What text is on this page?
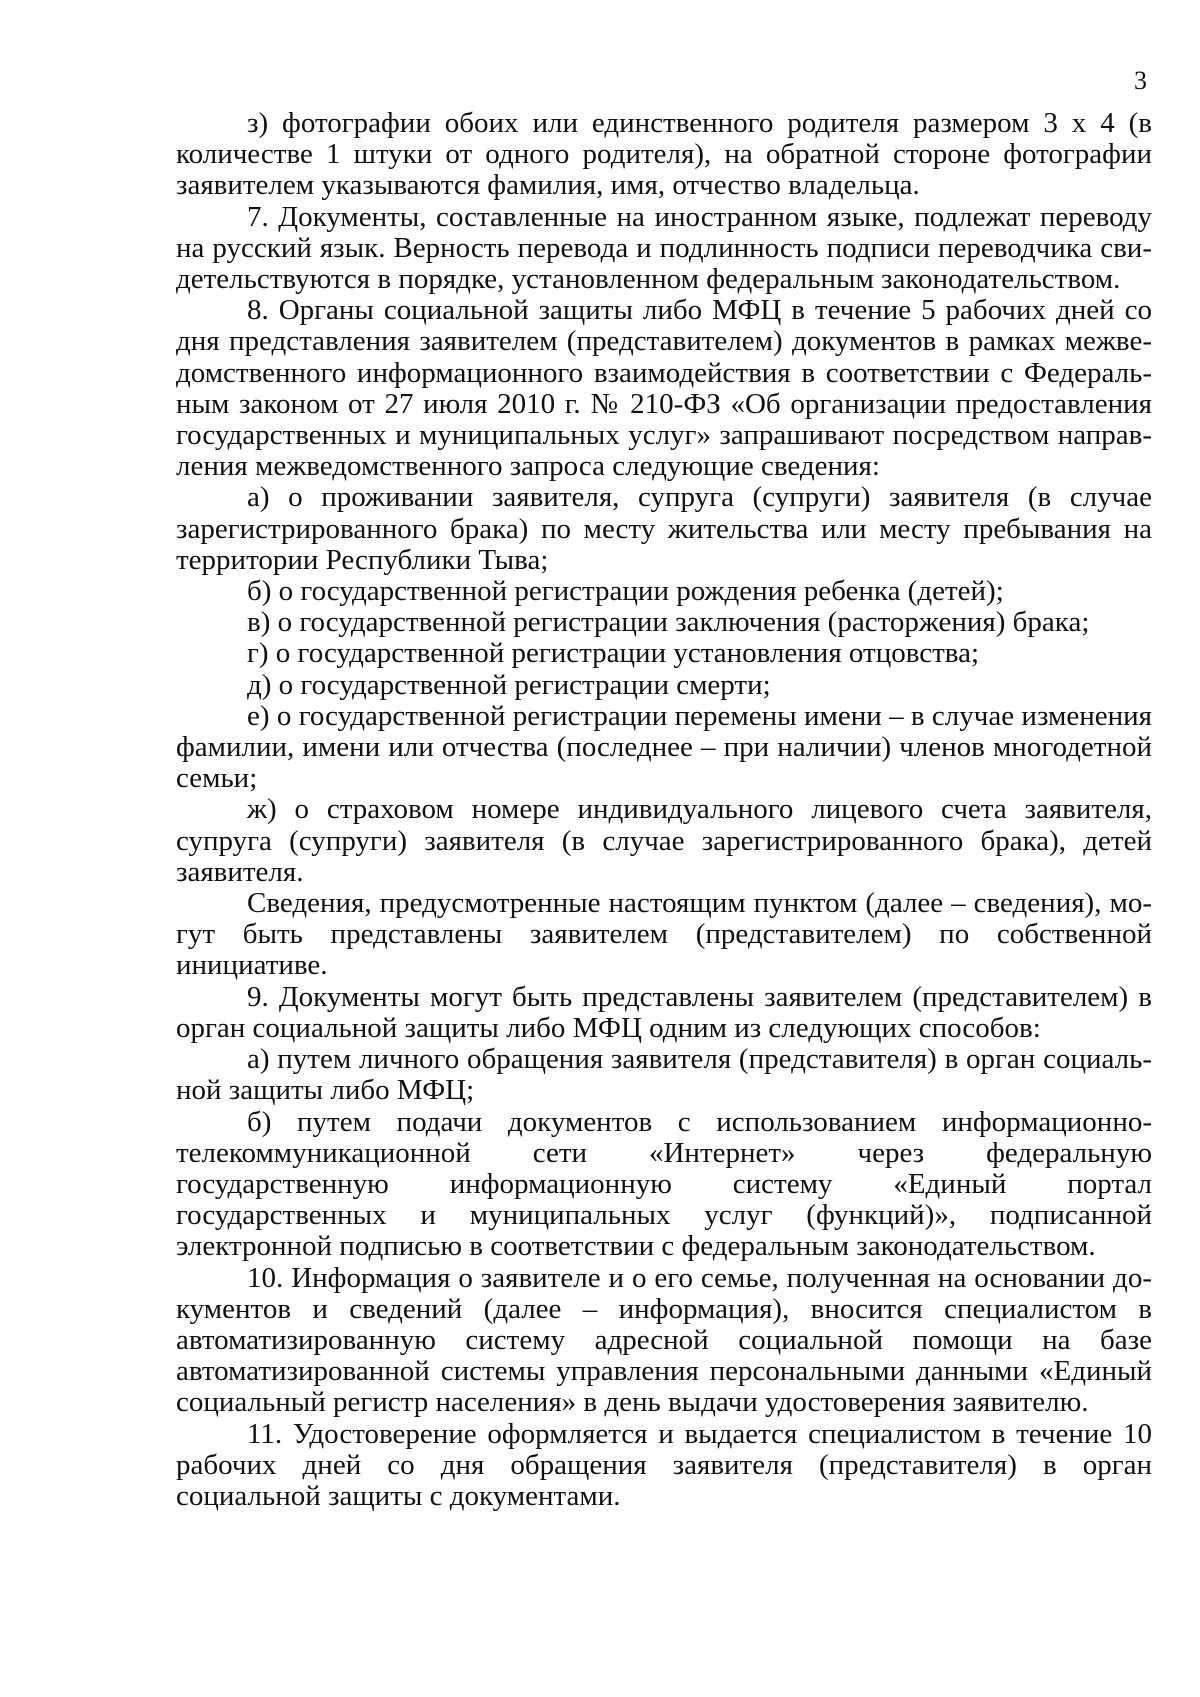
3

з) фотографии обоих или единственного родителя размером 3 х 4 (в количестве 1 штуки от одного родителя), на обратной стороне фотографии заявителем указываются фамилия, имя, отчество владельца.

7. Документы, составленные на иностранном языке, подлежат переводу на русский язык. Верность перевода и подлинность подписи переводчика свидетельствуются в порядке, установленном федеральным законодательством.

8. Органы социальной защиты либо МФЦ в течение 5 рабочих дней со дня представления заявителем (представителем) документов в рамках межведомственного информационного взаимодействия в соответствии с Федеральным законом от 27 июля 2010 г. № 210-ФЗ «Об организации предоставления государственных и муниципальных услуг» запрашивают посредством направления межведомственного запроса следующие сведения:

а) о проживании заявителя, супруга (супруги) заявителя (в случае зарегистрированного брака) по месту жительства или месту пребывания на территории Республики Тыва;

б) о государственной регистрации рождения ребенка (детей);

в) о государственной регистрации заключения (расторжения) брака;

г) о государственной регистрации установления отцовства;

д) о государственной регистрации смерти;

е) о государственной регистрации перемены имени – в случае изменения фамилии, имени или отчества (последнее – при наличии) членов многодетной семьи;

ж) о страховом номере индивидуального лицевого счета заявителя, супруга (супруги) заявителя (в случае зарегистрированного брака), детей заявителя.

Сведения, предусмотренные настоящим пунктом (далее – сведения), могут быть представлены заявителем (представителем) по собственной инициативе.

9. Документы могут быть представлены заявителем (представителем) в орган социальной защиты либо МФЦ одним из следующих способов:

а) путем личного обращения заявителя (представителя) в орган социальной защиты либо МФЦ;

б) путем подачи документов с использованием информационно-телекоммуникационной сети «Интернет» через федеральную государственную информационную систему «Единый портал государственных и муниципальных услуг (функций)», подписанной электронной подписью в соответствии с федеральным законодательством.

10. Информация о заявителе и о его семье, полученная на основании документов и сведений (далее – информация), вносится специалистом в автоматизированную систему адресной социальной помощи на базе автоматизированной системы управления персональными данными «Единый социальный регистр населения» в день выдачи удостоверения заявителю.

11. Удостоверение оформляется и выдается специалистом в течение 10 рабочих дней со дня обращения заявителя (представителя) в орган социальной защиты с документами.
